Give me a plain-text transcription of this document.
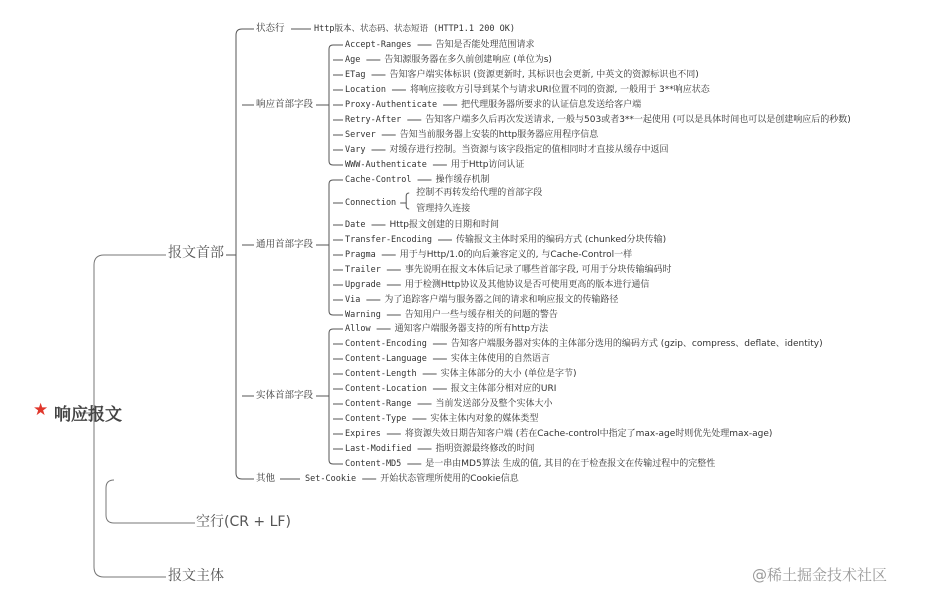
★ 响应报文
报文首部
空行(CR + LF)
报文主体
状态行	Http版本、状态码、状态短语 (HTTP1.1 200 OK)
响应首部字段
Accept-Ranges	告知是否能处理范围请求
Age	告知源服务器在多久前创建响应 (单位为s)
ETag	告知客户端实体标识 (资源更新时, 其标识也会更新, 中英文的资源标识也不同)
Location	将响应接收方引导到某个与请求URI位置不同的资源, 一般用于 3**响应状态
Proxy-Authenticate	把代理服务器所要求的认证信息发送给客户端
Retry-After	告知客户端多久后再次发送请求, 一般与503或者3**一起使用 (可以是具体时间也可以是创建响应后的秒数)
Server	告知当前服务器上安装的http服务器应用程序信息
Vary	对缓存进行控制。当资源与该字段指定的值相同时才直接从缓存中返回
WWW-Authenticate	用于Http访问认证
通用首部字段
Cache-Control	操作缓存机制
Connection
控制不再转发给代理的首部字段
管理持久连接
Date	Http报文创建的日期和时间
Transfer-Encoding	传输报文主体时采用的编码方式 (chunked分块传输)
Pragma	用于与Http/1.0的向后兼容定义的, 与Cache-Control一样
Trailer	事先说明在报文本体后记录了哪些首部字段, 可用于分块传输编码时
Upgrade	用于检测Http协议及其他协议是否可使用更高的版本进行通信
Via	为了追踪客户端与服务器之间的请求和响应报文的传输路径
Warning	告知用户一些与缓存相关的问题的警告
实体首部字段
Allow	通知客户端服务器支持的所有http方法
Content-Encoding	告知客户端服务器对实体的主体部分选用的编码方式 (gzip、compress、deflate、identity)
Content-Language	实体主体使用的自然语言
Content-Length	实体主体部分的大小 (单位是字节)
Content-Location	报文主体部分相对应的URI
Content-Range	当前发送部分及整个实体大小
Content-Type	实体主体内对象的媒体类型
Expires	将资源失效日期告知客户端 (若在Cache-control中指定了max-age时则优先处理max-age)
Last-Modified	指明资源最终修改的时间
Content-MD5	是一串由MD5算法 生成的值, 其目的在于检查报文在传输过程中的完整性
其他	Set-Cookie	开始状态管理所使用的Cookie信息
@稀土掘金技术社区
